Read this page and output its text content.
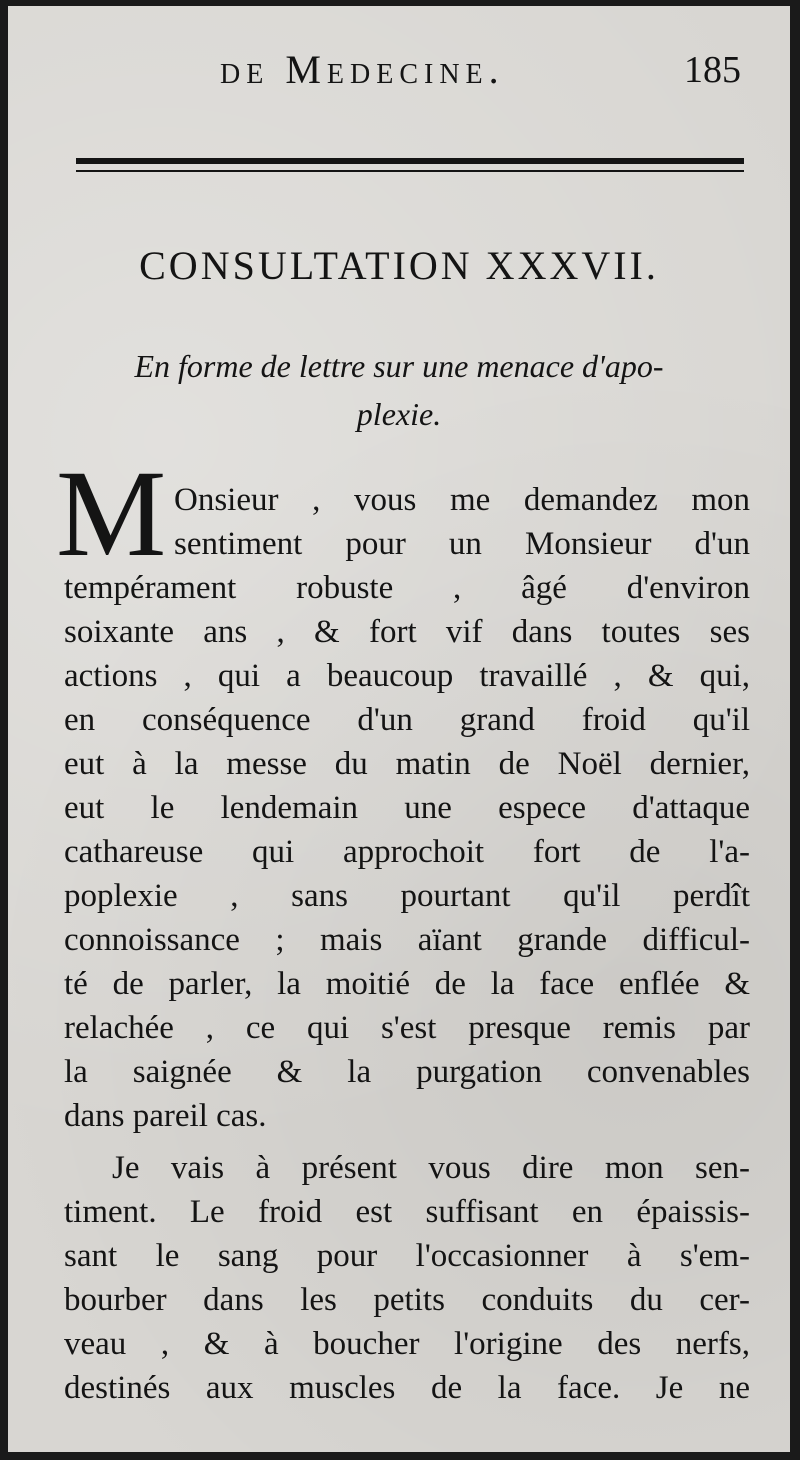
de Medecine.	185
CONSULTATION XXXVII.
En forme de lettre sur une menace d'apo-
plexie.
M Onsieur , vous me demandez mon
sentiment pour un Monsieur d'un
tempérament robuste , âgé d'environ
soixante ans , & fort vif dans toutes ses
actions , qui a beaucoup travaillé , & qui,
en conséquence d'un grand froid qu'il
eut à la messe du matin de Noël dernier,
eut le lendemain une espece d'attaque
cathareuse qui approchoit fort de l'a-
poplexie , sans pourtant qu'il perdît
connoissance ; mais aïant grande difficul-
té de parler, la moitié de la face enflée &
relachée , ce qui s'est presque remis par
la saignée & la purgation convenables
dans pareil cas.
Je vais à présent vous dire mon sen-
timent. Le froid est suffisant en épaissis-
sant le sang pour l'occasionner à s'em-
bourber dans les petits conduits du cer-
veau , & à boucher l'origine des nerfs,
destinés aux muscles de la face. Je ne
